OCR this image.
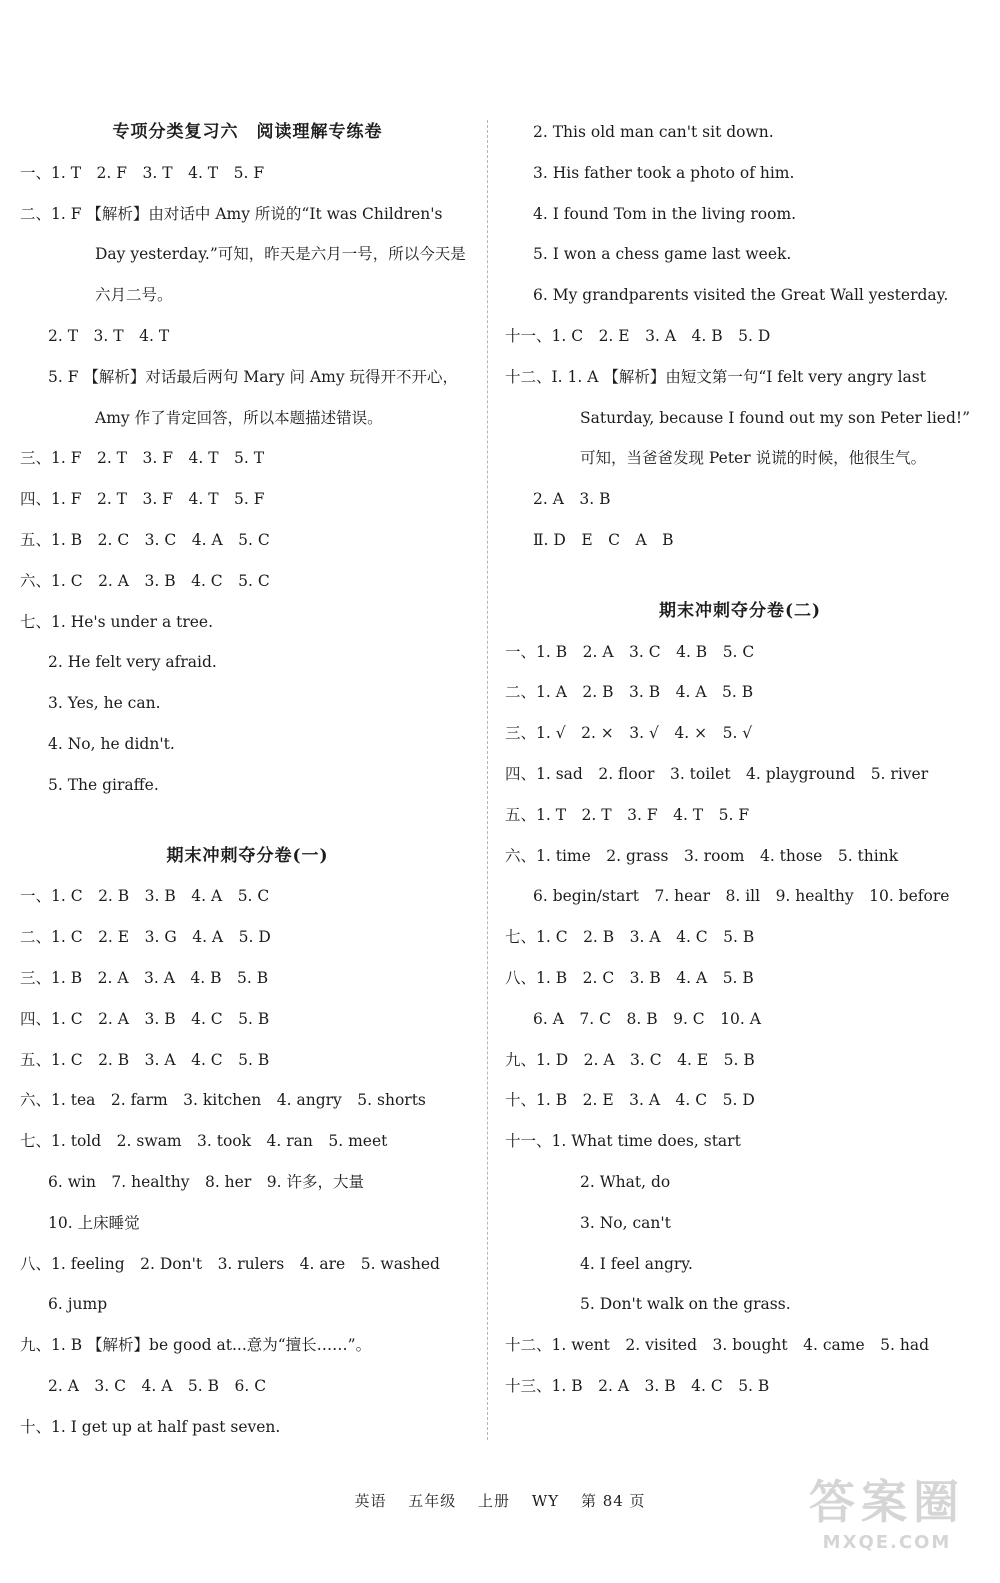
专项分类复习六　阅读理解专练卷
一、1. T　2. F　3. T　4. T　5. F
二、1. F 【解析】由对话中 Amy 所说的“It was Children's
Day yesterday.”可知，昨天是六月一号，所以今天是
六月二号。
2. T　3. T　4. T
5. F 【解析】对话最后两句 Mary 问 Amy 玩得开不开心，
Amy 作了肯定回答，所以本题描述错误。
三、1. F　2. T　3. F　4. T　5. T
四、1. F　2. T　3. F　4. T　5. F
五、1. B　2. C　3. C　4. A　5. C
六、1. C　2. A　3. B　4. C　5. C
七、1. He's under a tree.
2. He felt very afraid.
3. Yes, he can.
4. No, he didn't.
5. The giraffe.
期末冲刺夺分卷(一)
一、1. C　2. B　3. B　4. A　5. C
二、1. C　2. E　3. G　4. A　5. D
三、1. B　2. A　3. A　4. B　5. B
四、1. C　2. A　3. B　4. C　5. B
五、1. C　2. B　3. A　4. C　5. B
六、1. tea　2. farm　3. kitchen　4. angry　5. shorts
七、1. told　2. swam　3. took　4. ran　5. meet
6. win　7. healthy　8. her　9. 许多，大量
10. 上床睡觉
八、1. feeling　2. Don't　3. rulers　4. are　5. washed
6. jump
九、1. B 【解析】be good at...意为“擅长……”。
2. A　3. C　4. A　5. B　6. C
十、1. I get up at half past seven.
2. This old man can't sit down.
3. His father took a photo of him.
4. I found Tom in the living room.
5. I won a chess game last week.
6. My grandparents visited the Great Wall yesterday.
十一、1. C　2. E　3. A　4. B　5. D
十二、Ⅰ. 1. A 【解析】由短文第一句“I felt very angry last
Saturday, because I found out my son Peter lied!”
可知，当爸爸发现 Peter 说谎的时候，他很生气。
2. A　3. B
Ⅱ. D　E　C　A　B
期末冲刺夺分卷(二)
一、1. B　2. A　3. C　4. B　5. C
二、1. A　2. B　3. B　4. A　5. B
三、1. √　2. ×　3. √　4. ×　5. √
四、1. sad　2. floor　3. toilet　4. playground　5. river
五、1. T　2. T　3. F　4. T　5. F
六、1. time　2. grass　3. room　4. those　5. think
6. begin/start　7. hear　8. ill　9. healthy　10. before
七、1. C　2. B　3. A　4. C　5. B
八、1. B　2. C　3. B　4. A　5. B
6. A　7. C　8. B　9. C　10. A
九、1. D　2. A　3. C　4. E　5. B
十、1. B　2. E　3. A　4. C　5. D
十一、1. What time does, start
2. What, do
3. No, can't
4. I feel angry.
5. Don't walk on the grass.
十二、1. went　2. visited　3. bought　4. came　5. had
十三、1. B　2. A　3. B　4. C　5. B
英语 五年级 上册 WY 第 84 页	答案圈
MXQE.COM
